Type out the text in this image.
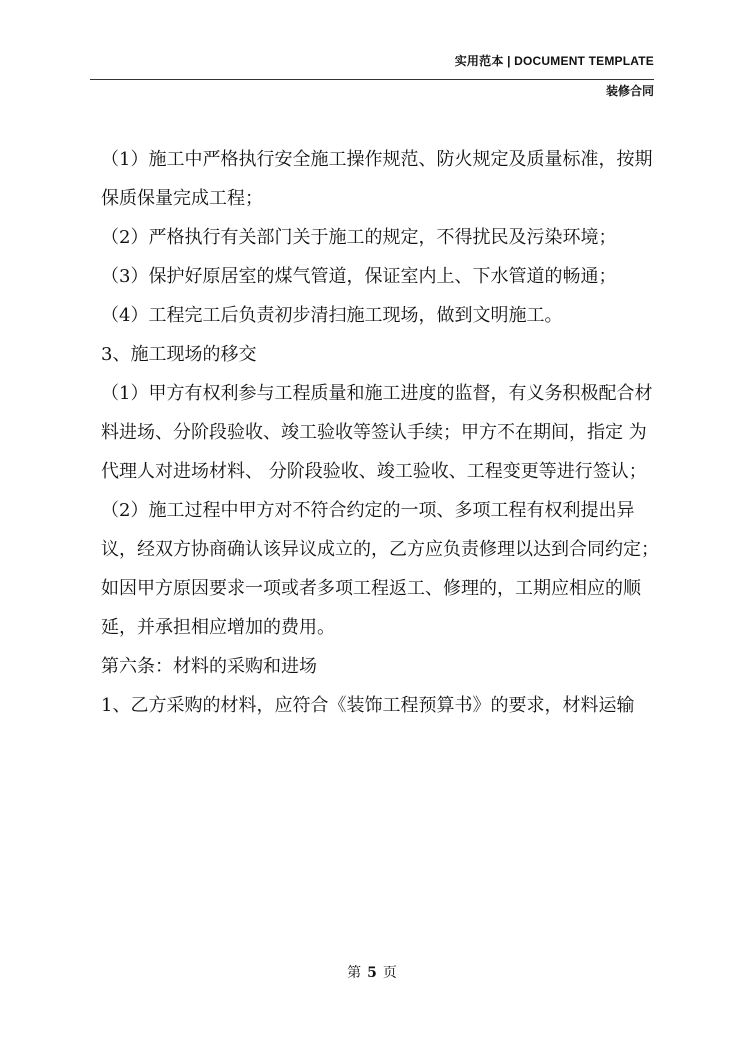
实用范本 | DOCUMENT TEMPLATE
装修合同

（1）施工中严格执行安全施工操作规范、防火规定及质量标准，按期保质保量完成工程；

（2）严格执行有关部门关于施工的规定，不得扰民及污染环境；

（3）保护好原居室的煤气管道，保证室内上、下水管道的畅通；

（4）工程完工后负责初步清扫施工现场，做到文明施工。

3、施工现场的移交

（1）甲方有权利参与工程质量和施工进度的监督，有义务积极配合材料进场、分阶段验收、竣工验收等签认手续；甲方不在期间，指定 为代理人对进场材料、 分阶段验收、竣工验收、工程变更等进行签认；

（2）施工过程中甲方对不符合约定的一项、多项工程有权利提出异议，经双方协商确认该异议成立的，乙方应负责修理以达到合同约定；如因甲方原因要求一项或者多项工程返工、修理的，工期应相应的顺延，并承担相应增加的费用。

第六条：材料的采购和进场

1、乙方采购的材料，应符合《装饰工程预算书》的要求，材料运输

第 5 页
